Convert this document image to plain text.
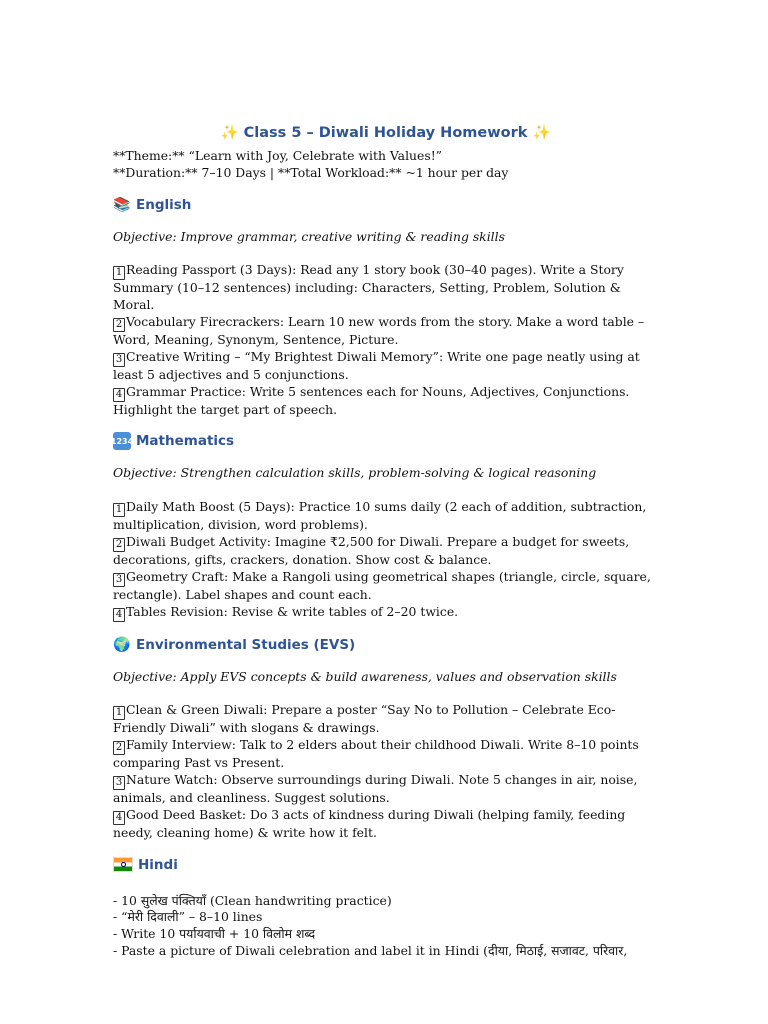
✨ Class 5 – Diwali Holiday Homework ✨

**Theme:** “Learn with Joy, Celebrate with Values!”

**Duration:** 7–10 Days | **Total Workload:** ~1 hour per day

📚 English

Objective: Improve grammar, creative writing & reading skills

1 Reading Passport (3 Days): Read any 1 story book (30–40 pages). Write a Story Summary (10–12 sentences) including: Characters, Setting, Problem, Solution & Moral.
2 Vocabulary Firecrackers: Learn 10 new words from the story. Make a word table – Word, Meaning, Synonym, Sentence, Picture.
3 Creative Writing – “My Brightest Diwali Memory”: Write one page neatly using at least 5 adjectives and 5 conjunctions.
4 Grammar Practice: Write 5 sentences each for Nouns, Adjectives, Conjunctions. Highlight the target part of speech.
1234 Mathematics

Objective: Strengthen calculation skills, problem-solving & logical reasoning

1 Daily Math Boost (5 Days): Practice 10 sums daily (2 each of addition, subtraction, multiplication, division, word problems).
2 Diwali Budget Activity: Imagine ₹2,500 for Diwali. Prepare a budget for sweets, decorations, gifts, crackers, donation. Show cost & balance.
3 Geometry Craft: Make a Rangoli using geometrical shapes (triangle, circle, square, rectangle). Label shapes and count each.
4 Tables Revision: Revise & write tables of 2–20 twice.
🌍 Environmental Studies (EVS)

Objective: Apply EVS concepts & build awareness, values and observation skills

1 Clean & Green Diwali: Prepare a poster “Say No to Pollution – Celebrate Eco-Friendly Diwali” with slogans & drawings.
2 Family Interview: Talk to 2 elders about their childhood Diwali. Write 8–10 points comparing Past vs Present.
3 Nature Watch: Observe surroundings during Diwali. Note 5 changes in air, noise, animals, and cleanliness. Suggest solutions.
4 Good Deed Basket: Do 3 acts of kindness during Diwali (helping family, feeding needy, cleaning home) & write how it felt.
Hindi
- 10 सुलेख पंक्तियाँ (Clean handwriting practice)
- “मेरी दिवाली” – 8–10 lines
- Write 10 पर्यायवाची + 10 विलोम शब्द
- Paste a picture of Diwali celebration and label it in Hindi (दीया, मिठाई, सजावट, परिवार,
